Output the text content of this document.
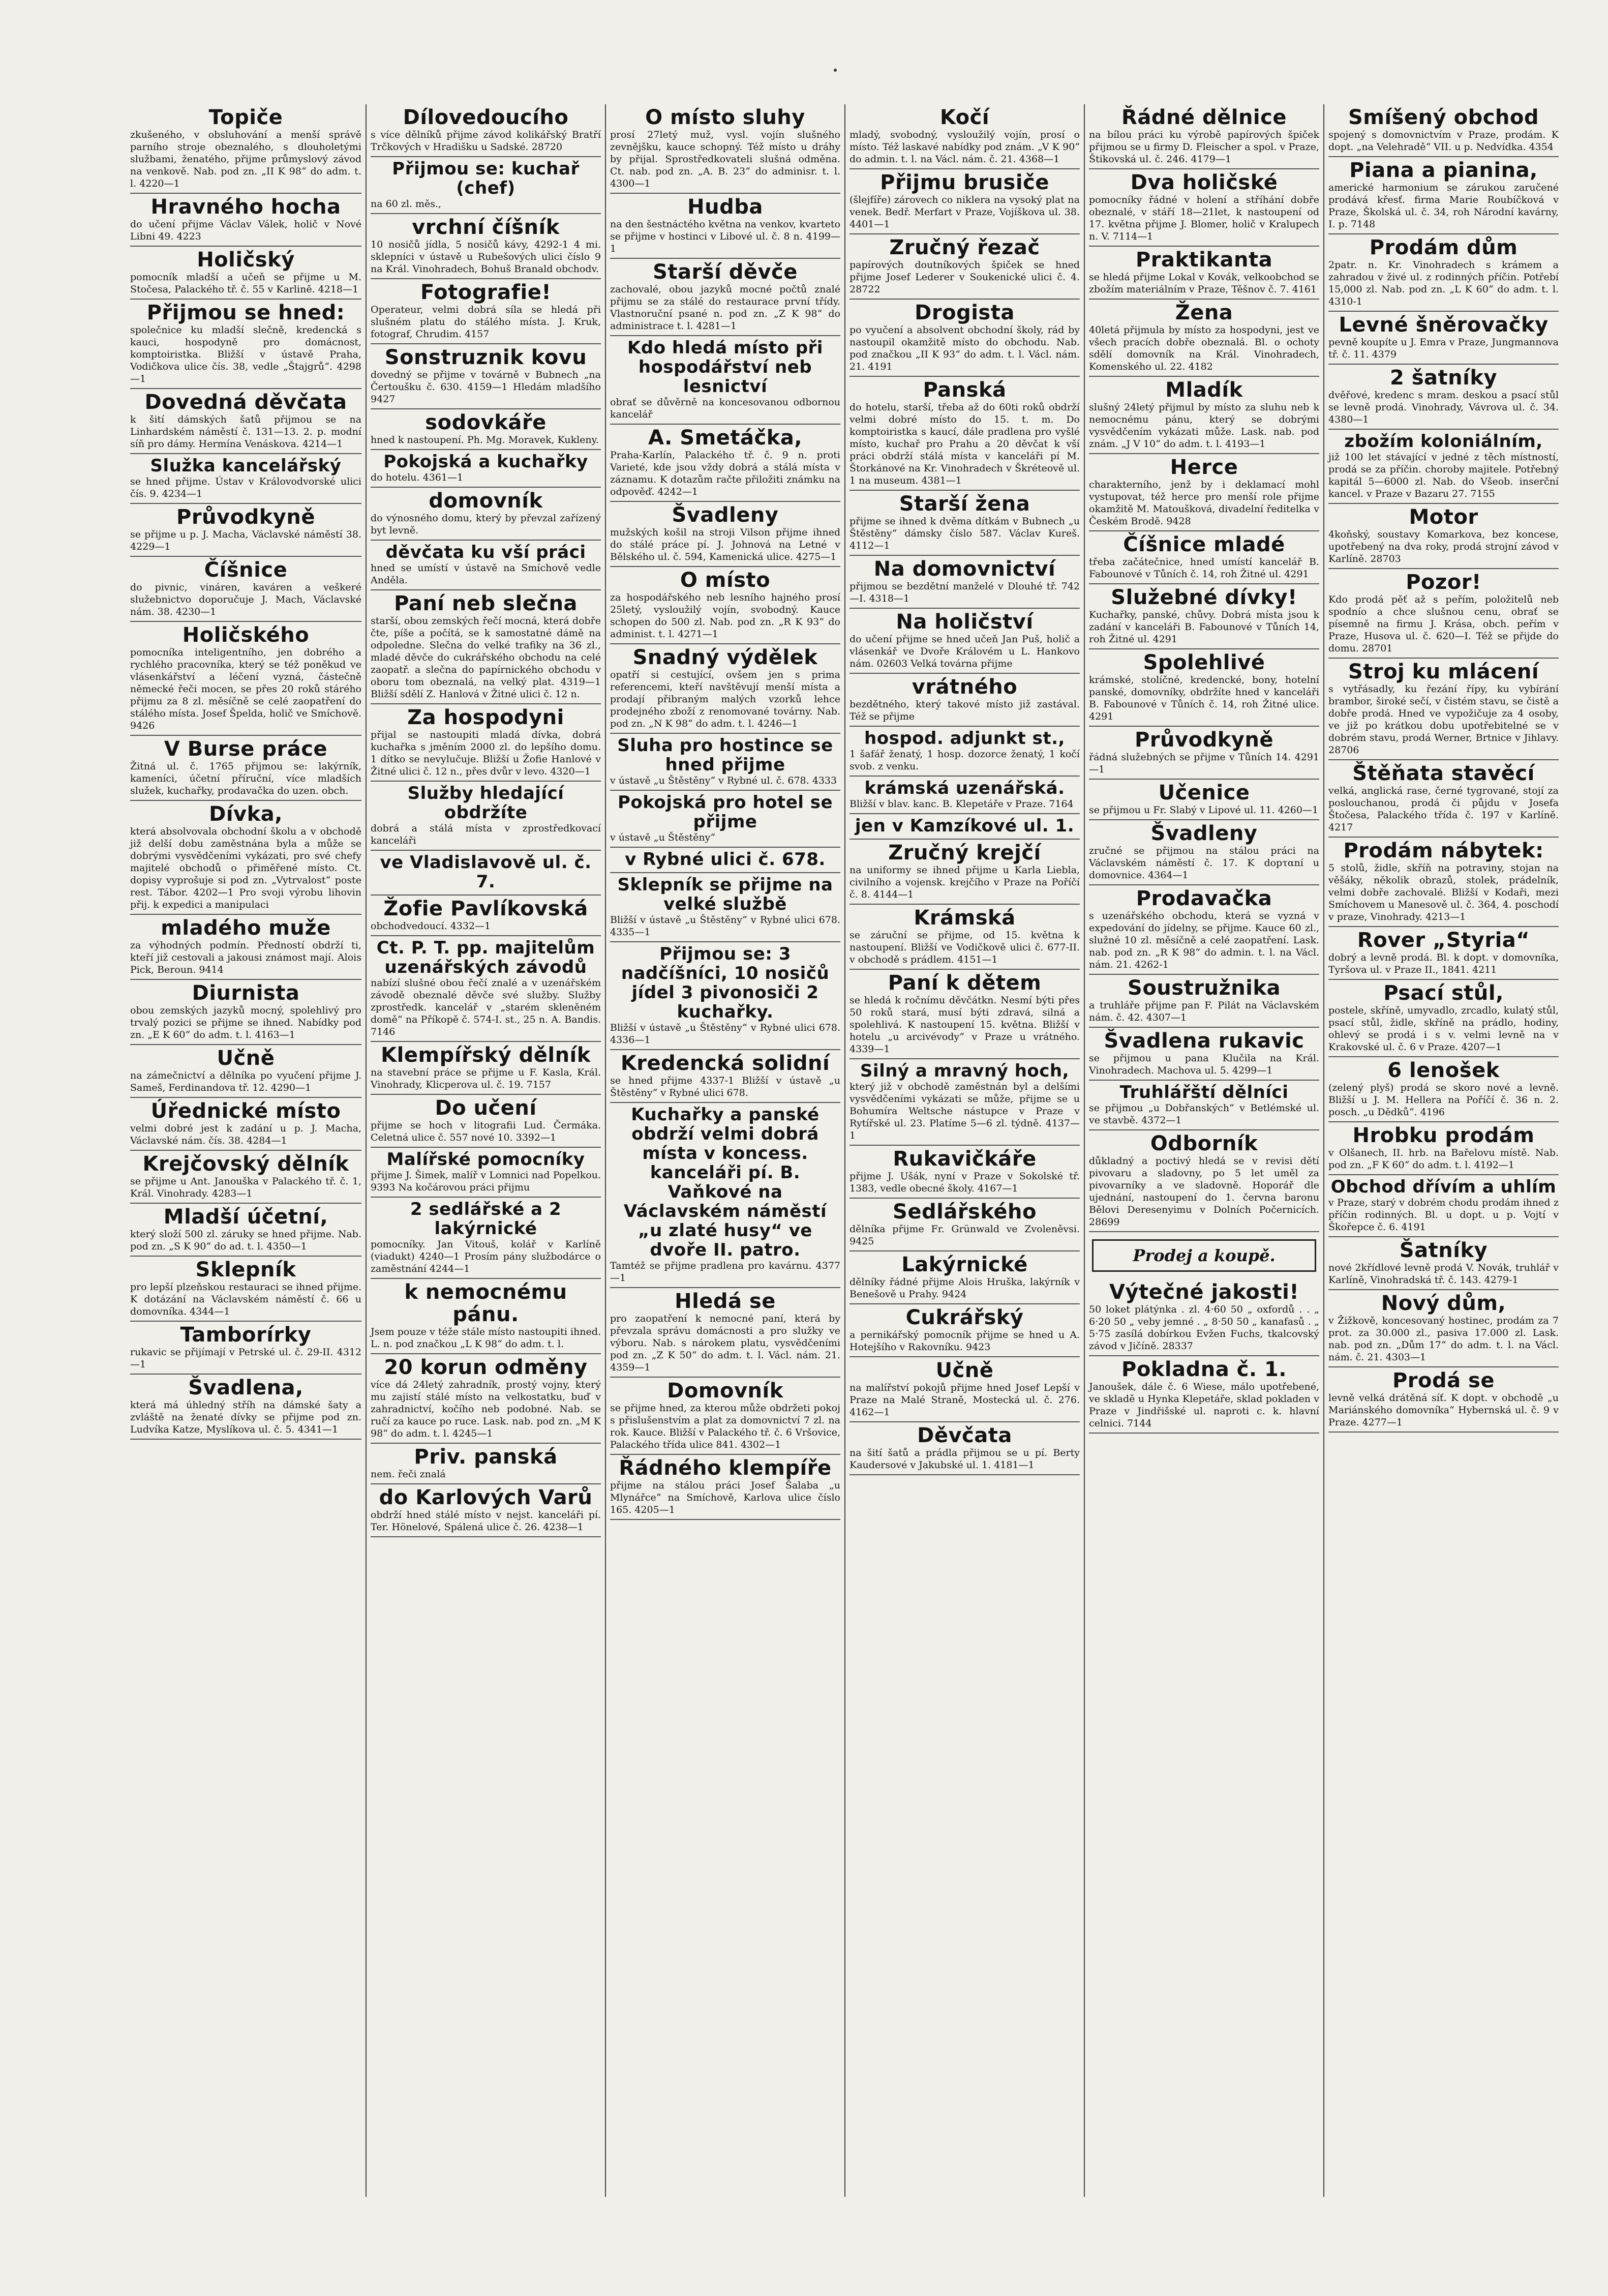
Topiče
zkušeného, v obsluhování a menší správě parního stroje obeznalého, s dlouholetými službami, ženatého, přijme průmyslový závod na venkově. Nab. pod zn. „II K 98“ do adm. t. l. 4220—1
Hravného hocha
do učení přijme Václav Válek, holič v Nové Libni 49. 4223
Holičský
pomocník mladší a učeň se přijme u M. Stočesa, Palackého tř. č. 55 v Karlině. 4218—1
Přijmou se hned:
společnice ku mladší slečně, kredencká s kauci, hospodyně pro domácnost, komptoiristka. Bližší v ústavě Praha, Vodičkova ulice čís. 38, vedle „Štajgrů“. 4298—1
Dovedná děvčata
k šití dámských šatů přijmou se na Linhardském náměstí č. 131—13. 2. p. modní síň pro dámy. Hermína Venáskova. 4214—1
Služka kancelářský
se hned přijme. Ústav v Královodvorské ulici čís. 9. 4234—1
Průvodkyně
se přijme u p. J. Macha, Václavské náměstí 38. 4229—1
Číšnice
do pivnic, vináren, kaváren a veškeré služebnictvo doporučuje J. Mach, Václavské nám. 38. 4230—1
Holičského
pomocníka inteligentního, jen dobrého a rychlého pracovníka, který se též poněkud ve vlásenkářství a léčení vyzná, částečně německé řeči mocen, se přes 20 roků stárého přijmu za 8 zl. měsíčně se celé zaopatření do stálého místa. Josef Špelda, holič ve Smíchově. 9426
V Burse práce
Žitná ul. č. 1765 přijmou se: lakýrník, kameníci, účetní příruční, více mladších služek, kuchařky, prodavačka do uzen. obch.
Dívka,
která absolvovala obchodní školu a v obchodě již delší dobu zaměstnána byla a může se dobrými vysvědčeními vykázati, pro své chefy majitelé obchodů o přiměřené místo. Ct. dopisy vyprošuje si pod zn. „Vytrvalost“ poste rest. Tábor. 4202—1 Pro svoji výrobu lihovin přij. k expedici a manipulaci
mladého muže
za výhodných podmín. Předností obdrží ti, kteří již cestovali a jakousi známost mají. Alois Pick, Beroun. 9414
Diurnista
obou zemských jazyků mocný, spolehlivý pro trvalý pozici se přijme se ihned. Nabídky pod zn. „E K 60“ do adm. t. l. 4163—1
Učně
na zámečnictví a dělníka po vyučení přijme J. Sameš, Ferdinandova tř. 12. 4290—1
Úřednické místo
velmi dobré jest k zadání u p. J. Macha, Václavské nám. čís. 38. 4284—1
Krejčovský dělník
se přijme u Ant. Janouška v Palackého tř. č. 1, Král. Vinohrady. 4283—1
Mladší účetní,
který složí 500 zl. záruky se hned přijme. Nab. pod zn. „S K 90“ do ad. t. l. 4350—1
Sklepník
pro lepší plzeňskou restauraci se ihned přijme. K dotázání na Václavském náměstí č. 66 u domovníka. 4344—1
Tamborírky
rukavic se přijímají v Petrské ul. č. 29-II. 4312—1
Švadlena,
která má úhledný stříh na dámské šaty a zvláště na ženaté dívky se přijme pod zn. Ludvíka Katze, Myslíkova ul. č. 5. 4341—1
Dílovedoucího
s více dělníků přijme závod kolikářský Bratří Trčkových v Hradišku u Sadské. 28720
Přijmou se: kuchař (chef)
na 60 zl. měs.,
vrchní číšník
10 nosičů jídla, 5 nosičů kávy, 4292-1 4 mi. sklepníci v ústavě u Rubešových ulici číslo 9 na Král. Vinohradech, Bohuš Branald obchodv.
Fotografie!
Operateur, velmi dobrá síla se hledá při slušném platu do stálého místa. J. Kruk, fotograf, Chrudim. 4157
Sonstruznik kovu
dovedný se přijme v továrně v Bubnech „na Čertoušku č. 630. 4159—1 Hledám mladšího 9427
sodovkáře
hned k nastoupení. Ph. Mg. Moravek, Kukleny.
Pokojská a kuchařky
do hotelu. 4361—1
domovník
do výnosného domu, který by převzal zařízený byt levně.
děvčata ku vší práci
hned se umístí v ústavě na Smíchově vedle Anděla.
Paní neb slečna
starší, obou zemských řečí mocná, která dobře čte, píše a počítá, se k samostatné dámě na odpoledne. Slečna do velké trafiky na 36 zl., mladé děvče do cukrářského obchodu na celé zaopatř. a slečna do papírnického obchodu v oboru tom obeznalá, na velký plat. 4319—1 Bližší sdělí Z. Hanlová v Žitné ulici č. 12 n.
Za hospodyni
přijal se nastoupiti mladá dívka, dobrá kuchařka s jměním 2000 zl. do lepšího domu. 1 dítko se nevylučuje. Bližší u Žofie Hanlové v Žitné ulici č. 12 n., přes dvůr v levo. 4320—1
Služby hledající obdržíte
dobrá a stálá místa v zprostředkovací kanceláři
ve Vladislavově ul. č. 7.
Žofie Pavlíkovská
obchodvedoucí. 4332—1
Ct. P. T. pp. majitelům uzenářských závodů
nabízí slušné obou řečí znalé a v uzenářském závodě obeznalé děvče své služby. Služby zprostředk. kancelář v „starém skleněném domě“ na Příkopě č. 574-I. st., 25 n. A. Bandis. 7146
Klempířský dělník
na stavební práce se přijme u F. Kasla, Král. Vinohrady, Klicperova ul. č. 19. 7157
Do učení
přijme se hoch v litografii Lud. Čermáka. Celetná ulice č. 557 nové 10. 3392—1
Malířské pomocníky
přijme J. Šimek, malíř v Lomnici nad Popelkou. 9393 Na kočárovou práci přijmu
2 sedlářské a 2 lakýrnické
pomocníky. Jan Vitouš, kolář v Karlíně (viadukt) 4240—1 Prosím pány službodárce o zaměstnání 4244—1
k nemocnému pánu.
Jsem pouze v téže stále místo nastoupiti ihned. L. n. pod značkou „L K 98“ do adm. t. l.
20 korun odměny
více dá 24letý zahradník, prostý vojny, který mu zajistí stálé místo na velkostatku, buď v zahradnictví, kočího neb podobné. Nab. se ručí za kauce po ruce. Lask. nab. pod zn. „M K 98“ do adm. t. l. 4245—1
Priv. panská
nem. řeči znalá
do Karlových Varů
obdrží hned stálé místo v nejst. kanceláři pí. Ter. Hönelové, Spálená ulice č. 26. 4238—1
O místo sluhy
prosí 27letý muž, vysl. vojín slušného zevnějšku, kauce schopný. Též místo u dráhy by přijal. Sprostředkovateli slušná odměna. Ct. nab. pod zn. „A. B. 23“ do adminisr. t. l. 4300—1
Hudba
na den šestnáctého května na venkov, kvarteto se přijme v hostinci v Libové ul. č. 8 n. 4199—1
Starší děvče
zachovalé, obou jazyků mocné počtů znalé přijmu se za stálé do restaurace první třídy. Vlastnoruční psané n. pod zn. „Z K 98“ do administrace t. l. 4281—1
Kdo hledá místo při hospodářství neb lesnictví
obrať se důvěrně na koncesovanou odbornou kancelář
A. Smetáčka,
Praha-Karlín, Palackého tř. č. 9 n. proti Varieté, kde jsou vždy dobrá a stálá místa v záznamu. K dotazům račte přiložiti známku na odpověď. 4242—1
Švadleny
mužských košil na stroji Vilson přijme ihned do stálé práce pí. J. Johnová na Letné v Bělského ul. č. 594, Kamenická ulice. 4275—1
O místo
za hospodářského neb lesního hajného prosí 25letý, vysloužilý vojín, svobodný. Kauce schopen do 500 zl. Nab. pod zn. „R K 93“ do administ. t. l. 4271—1
Snadný výdělek
opatří si cestující, ovšem jen s prima referencemi, kteří navštěvují menší místa a prodají přibraným malých vzorků lehce prodejného zboží z renomované továrny. Nab. pod zn. „N K 98“ do adm. t. l. 4246—1
Sluha pro hostince se hned přijme
v ústavě „u Štěstěny“ v Rybné ul. č. 678. 4333
Pokojská pro hotel se přijme
v ústavě „u Štěstěny“
v Rybné ulici č. 678.
Sklepník se přijme na velké službě
Bližší v ústavě „u Štěstěny“ v Rybné ulici 678. 4335—1
Přijmou se: 3 nadčíšníci, 10 nosičů jídel 3 pivonosiči 2 kuchařky.
Bližší v ústavě „u Štěstěny“ v Rybné ulici 678. 4336—1
Kredencká solidní
se hned přijme 4337-1 Bližší v ústavě „u Štěstěny“ v Rybné ulici 678.
Kuchařky a panské obdrží velmi dobrá místa v koncess. kanceláři pí. B. Vaňkové na Václavském náměstí „u zlaté husy“ ve dvoře II. patro.
Tamtéž se přijme pradlena pro kavárnu. 4377—1
Hledá se
pro zaopatření k nemocné paní, která by převzala správu domácnosti a pro služky ve výboru. Nab. s nárokem platu, vysvědčeními pod zn. „Z K 50“ do adm. t. l. Václ. nám. 21. 4359—1
Domovník
se přijme hned, za kterou může obdržeti pokoj s přislušenstvím a plat za domovnictví 7 zl. na rok. Kauce. Bližší v Palackého tř. č. 6 Vršovice, Palackého třída ulice 841. 4302—1
Řádného klempíře
přijme na stálou práci Josef Šalaba „u Mlynářce“ na Smíchově, Karlova ulice číslo 165. 4205—1
Kočí
mladý, svobodný, vysloužilý vojín, prosí o místo. Též laskavé nabídky pod znám. „V K 90“ do admin. t. l. na Václ. nám. č. 21. 4368—1
Přijmu brusiče
(šlejfíře) zárovech co niklera na vysoký plat na venek. Bedř. Merfart v Praze, Vojíškova ul. 38. 4401—1
Zručný řezač
papírových doutníkových špiček se hned přijme Josef Lederer v Soukenické ulici č. 4. 28722
Drogista
po vyučení a absolvent obchodní školy, rád by nastoupil okamžitě místo do obchodu. Nab. pod značkou „II K 93“ do adm. t. l. Václ. nám. 21. 4191
Panská
do hotelu, starší, třeba až do 60ti roků obdrží velmi dobré místo do 15. t. m. Do komptoiristka s kaucí, dále pradlena pro vyšlé místo, kuchař pro Prahu a 20 děvčat k vší práci obdrží stálá místa v kanceláři pí M. Štorkánové na Kr. Vinohradech v Škréteově ul. 1 na museum. 4381—1
Starší žena
přijme se ihned k dvěma dítkám v Bubnech „u Štěstěny“ dámsky číslo 587. Václav Kureš. 4112—1
Na domovnictví
přijmou se bezdětní manželé v Dlouhé tř. 742—I. 4318—1
Na holičství
do učení přijme se hned učeň Jan Puš, holič a vlásenkář ve Dvoře Královém u L. Hankovo nám. 02603 Velká továrna přijme
vrátného
bezdětného, který takové místo již zastával. Též se přijme
hospod. adjunkt st.,
1 šafář ženatý, 1 hosp. dozorce ženatý, 1 kočí svob. z venku.
krámská uzenářská.
Bližší v blav. kanc. B. Klepetáře v Praze. 7164
jen v Kamzíkové ul. 1.
Zručný krejčí
na uniformy se ihned přijme u Karla Liebla, civilního a vojensk. krejčího v Praze na Poříčí č. 8. 4144—1
Krámská
se záruční se přijme, od 15. května k nastoupení. Bližší ve Vodičkově ulici č. 677-II. v obchodě s prádlem. 4151—1
Paní k dětem
se hledá k ročnímu děvčátkn. Nesmí býti přes 50 roků stará, musí býti zdravá, silná a spolehlivá. K nastoupení 15. května. Bližší v hotelu „u arcivévody“ v Praze u vrátného. 4339—1
Silný a mravný hoch,
který již v obchodě zaměstnán byl a delšími vysvědčeními vykázati se může, přijme se u Bohumíra Weltsche nástupce v Praze v Rytířské ul. 23. Platíme 5—6 zl. týdně. 4137—1
Rukavičkáře
přijme J. Ušák, nyní v Praze v Sokolské tř. 1383, vedle obecné školy. 4167—1
Sedlářského
dělníka přijme Fr. Grünwald ve Zvoleněvsi. 9425
Lakýrnické
dělníky řádné přijme Alois Hruška, lakýrník v Benešově u Prahy. 9424
Cukrářský
a pernikářský pomocník přijme se hned u A. Hotejšího v Rakovníku. 9423
Učně
na malířství pokojů přijme hned Josef Lepší v Praze na Malé Straně, Mostecká ul. č. 276. 4162—1
Děvčata
na šití šatů a prádla přijmou se u pí. Berty Kaudersové v Jakubské ul. 1. 4181—1
Řádné dělnice
na bílou práci ku výrobě papírových špiček přijmou se u firmy D. Fleischer a spol. v Praze, Štikovská ul. č. 246. 4179—1
Dva holičské
pomocníky řádné v holení a stříhání dobře obeznalé, v stáří 18—21let, k nastoupení od 17. května přijme J. Blomer, holič v Kralupech n. V. 7114—1
Praktikanta
se hledá přijme Lokal v Kovák, velkoobchod se zbožím materiálním v Praze, Těšnov č. 7. 4161
Žena
40letá přijmula by místo za hospodyni, jest ve všech pracích dobře obeznalá. Bl. o ochoty sdělí domovník na Král. Vinohradech, Komenského ul. 22. 4182
Mladík
slušný 24letý přijmul by místo za sluhu neb k nemocnému pánu, který se dobrými vysvědčením vykázati může. Lask. nab. pod znám. „J V 10“ do adm. t. l. 4193—1
Herce
charakterního, jenž by i deklamací mohl vystupovat, též herce pro menší role přijme okamžitě M. Matoušková, divadelní ředitelka v Českém Brodě. 9428
Číšnice mladé
třeba začátečnice, hned umístí kancelář B. Fabounové v Tůních č. 14, roh Žitné ul. 4291
Služebné dívky!
Kuchařky, panské, chůvy. Dobrá místa jsou k zadání v kanceláři B. Fabounové v Tůních 14, roh Žitné ul. 4291
Spolehlivé
krámské, stolíčné, kredencké, bony, hotelní panské, domovníky, obdržíte hned v kanceláři B. Fabounové v Tůních č. 14, roh Žitné ulice. 4291
Průvodkyně
řádná služebných se přijme v Tůních 14. 4291—1
Učenice
se přijmou u Fr. Slabý v Lipové ul. 11. 4260—1
Švadleny
zručné se přijmou na stálou práci na Václavském náměstí č. 17. K dopταní u domovnice. 4364—1
Prodavačka
s uzenářského obchodu, která se vyzná v expedování do jídelny, se přijme. Kauce 60 zl., služné 10 zl. měsíčně a celé zaopatření. Lask. nab. pod zn. „R K 98“ do admin. t. l. na Václ. nám. 21. 4262-1
Soustružnika
a truhláře přijme pan F. Pilát na Václavském nám. č. 42. 4307—1
Švadlena rukavic
se přijmou u pana Klučila na Král. Vinohradech. Machova ul. 5. 4299—1
Truhlářští dělníci
se přijmou „u Dobřanských“ v Betlémské ul. ve stavbě. 4372—1
Odborník
důkladný a poctivý hledá se v revisi dětí pivovaru a sladovny, po 5 let uměl za pivovarníky a ve sladovně. Hoporář dle ujednání, nastoupení do 1. června baronu Bělovi Deresenyimu v Dolních Počernicích. 28699
Prodej a koupě.
Výtečné jakosti!
50 loket plátýnka . zl. 4·60 50 „ oxfordů . . „ 6·20 50 „ veby jemné . „ 8·50 50 „ kanafasů . „ 5·75 zasílá dobírkou Evžen Fuchs, tkalcovský závod v Jičíně. 28337
Pokladna č. 1.
Janoušek, dále č. 6 Wiese, málo upotřebené, ve skladě u Hynka Klepetáře, sklad pokladen v Praze v Jindřišské ul. naproti c. k. hlavní celnici. 7144
Smíšený obchod
spojený s domovnictvím v Praze, prodám. K dopt. „na Velehradě“ VII. u p. Nedvídka. 4354
Piana a pianina,
americké harmonium se zárukou zaručené prodává křesť. firma Marie Roubíčková v Praze, Školská ul. č. 34, roh Národní kavárny, I. p. 7148
Prodám dům
2patr. n. Kr. Vinohradech s krámem a zahradou v živé ul. z rodinných příčin. Potřebí 15,000 zl. Nab. pod zn. „L K 60“ do adm. t. l. 4310-1
Levné šněrovačky
pevně koupíte u J. Emra v Praze, Jungmannova tř. č. 11. 4379
2 šatníky
dvěřové, kredenc s mram. deskou a psací stůl se levně prodá. Vinohrady, Vávrova ul. č. 34. 4380—1
zbožím koloniálním,
již 100 let stávající v jedné z těch místností, prodá se za příčin. choroby majitele. Potřebný kapitál 5—6000 zl. Nab. do Všeob. inserční kancel. v Praze v Bazaru 27. 7155
Motor
4koňský, soustavy Komarkova, bez koncese, upotřebený na dva roky, prodá strojní závod v Karlíně. 28703
Pozor!
Kdo prodá pěť až s peřím, položitelů neb spodnío a chce slušnou cenu, obrať se písemně na firmu J. Krása, obch. peřím v Praze, Husova ul. č. 620—I. Též se přijde do domu. 28701
Stroj ku mlácení
s vytřásadly, ku řezání řípy, ku vybírání brambor, široké sečí, v čistém stavu, se čistě a dobře prodá. Hned ve vypožičuje za 4 osoby, ve již po krátkou dobu upotřebitelné se v dobrém stavu, prodá Werner, Brtnice v Jihlavy. 28706
Štěňata stavěcí
velká, anglická rase, černé tygrované, stojí za poslouchanou, prodá či půjdu v Josefa Štočesa, Palackého třída č. 197 v Karlíně. 4217
Prodám nábytek:
5 stolů, židle, skříň na potraviny, stojan na věšáky, několik obrazů, stolek, prádelník, velmi dobře zachovalé. Bližší v Kodaři, mezi Smíchovem u Manesově ul. č. 364, 4. poschodí v praze, Vinohrady. 4213—1
Rover „Styria“
dobrý a levně prodá. Bl. k dopt. v domovníka, Tyršova ul. v Praze II., 1841. 4211
Psací stůl,
postele, skříně, umyvadlo, zrcadlo, kulatý stůl, psací stůl, židle, skříně na prádlo, hodiny, ohlevý se prodá i s v. velmi levně na v Krakovské ul. č. 6 v Praze. 4207—1
6 lenošek
(zelený plyš) prodá se skoro nové a levně. Bližší u J. M. Hellera na Poříčí č. 36 n. 2. posch. „u Dědků“. 4196
Hrobku prodám
v Olšanech, II. hrb. na Bařelovu místě. Nab. pod zn. „F K 60“ do adm. t. l. 4192—1
Obchod dřívím a uhlím
v Praze, starý v dobrém chodu prodám ihned z příčin rodinných. Bl. u dopt. u p. Vojtí v Škořepce č. 6. 4191
Šatníky
nové 2křídlové levně prodá V. Novák, truhlář v Karlíně, Vinohradská tř. č. 143. 4279-1
Nový dům,
v Žižkově, koncesovaný hostinec, prodám za 7 prot. za 30.000 zl., pasiva 17.000 zl. Lask. nab. pod zn. „Dům 17“ do adm. t. l. na Václ. nám. č. 21. 4303—1
Prodá se
levně velká drátěná síť. K dopt. v obchodě „u Mariánského domovníka“ Hybernská ul. č. 9 v Praze. 4277—1
